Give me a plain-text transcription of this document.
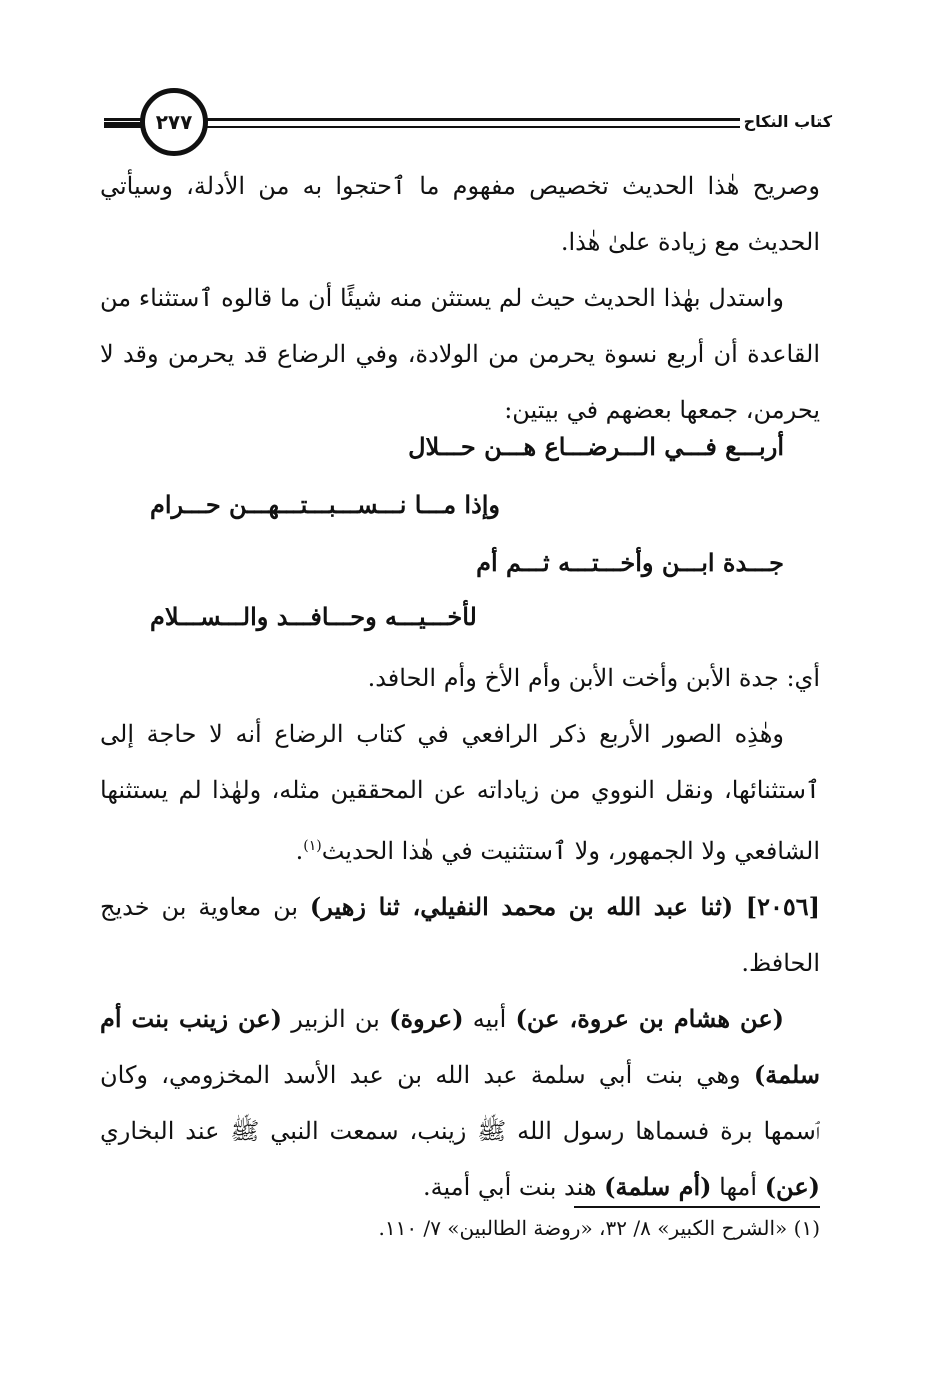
كتاب النكاح
٢٧٧

وصريح هٰذا الحديث تخصيص مفهوم ما ٱحتجوا به من الأدلة، وسيأتي الحديث مع زيادة علىٰ هٰذا.

واستدل بهٰذا الحديث حيث لم يستثن منه شيئًا أن ما قالوه ٱستثناء من القاعدة أن أربع نسوة يحرمن من الولادة، وفي الرضاع قد يحرمن وقد لا يحرمن، جمعها بعضهم في بيتين:

أربـــع فـــي الـــرضـــاع هـــن حـــلال
وإذا مـــا نـــســـبـــتـــهـــن حـــرام
جـــدة ابـــن وأخـــتـــه ثـــم أم
لأخـــيـــه وحـــافـــد والـــســـلام

أي: جدة الأبن وأخت الأبن وأم الأخ وأم الحافد.

وهٰذِه الصور الأربع ذكر الرافعي في كتاب الرضاع أنه لا حاجة إلى ٱستثنائها، ونقل النووي من زياداته عن المحققين مثله، ولهٰذا لم يستثنها الشافعي ولا الجمهور، ولا ٱستثنيت في هٰذا الحديث$^{(١)}$.

[٢٠٥٦] (ثنا عبد الله بن محمد النفيلي، ثنا زهير) بن معاوية بن خديج الحافظ.

(عن هشام بن عروة، عن) أبيه (عروة) بن الزبير (عن زينب بنت أم سلمة) وهي بنت أبي سلمة عبد الله بن عبد الأسد المخزومي، وكان ٱسمها برة فسماها رسول الله ﷺ زينب، سمعت النبي ﷺ عند البخاري (عن) أمها (أم سلمة) هند بنت أبي أمية.

(١) «الشرح الكبير» ٨/ ٣٢، «روضة الطالبين» ٧/ ١١٠.
